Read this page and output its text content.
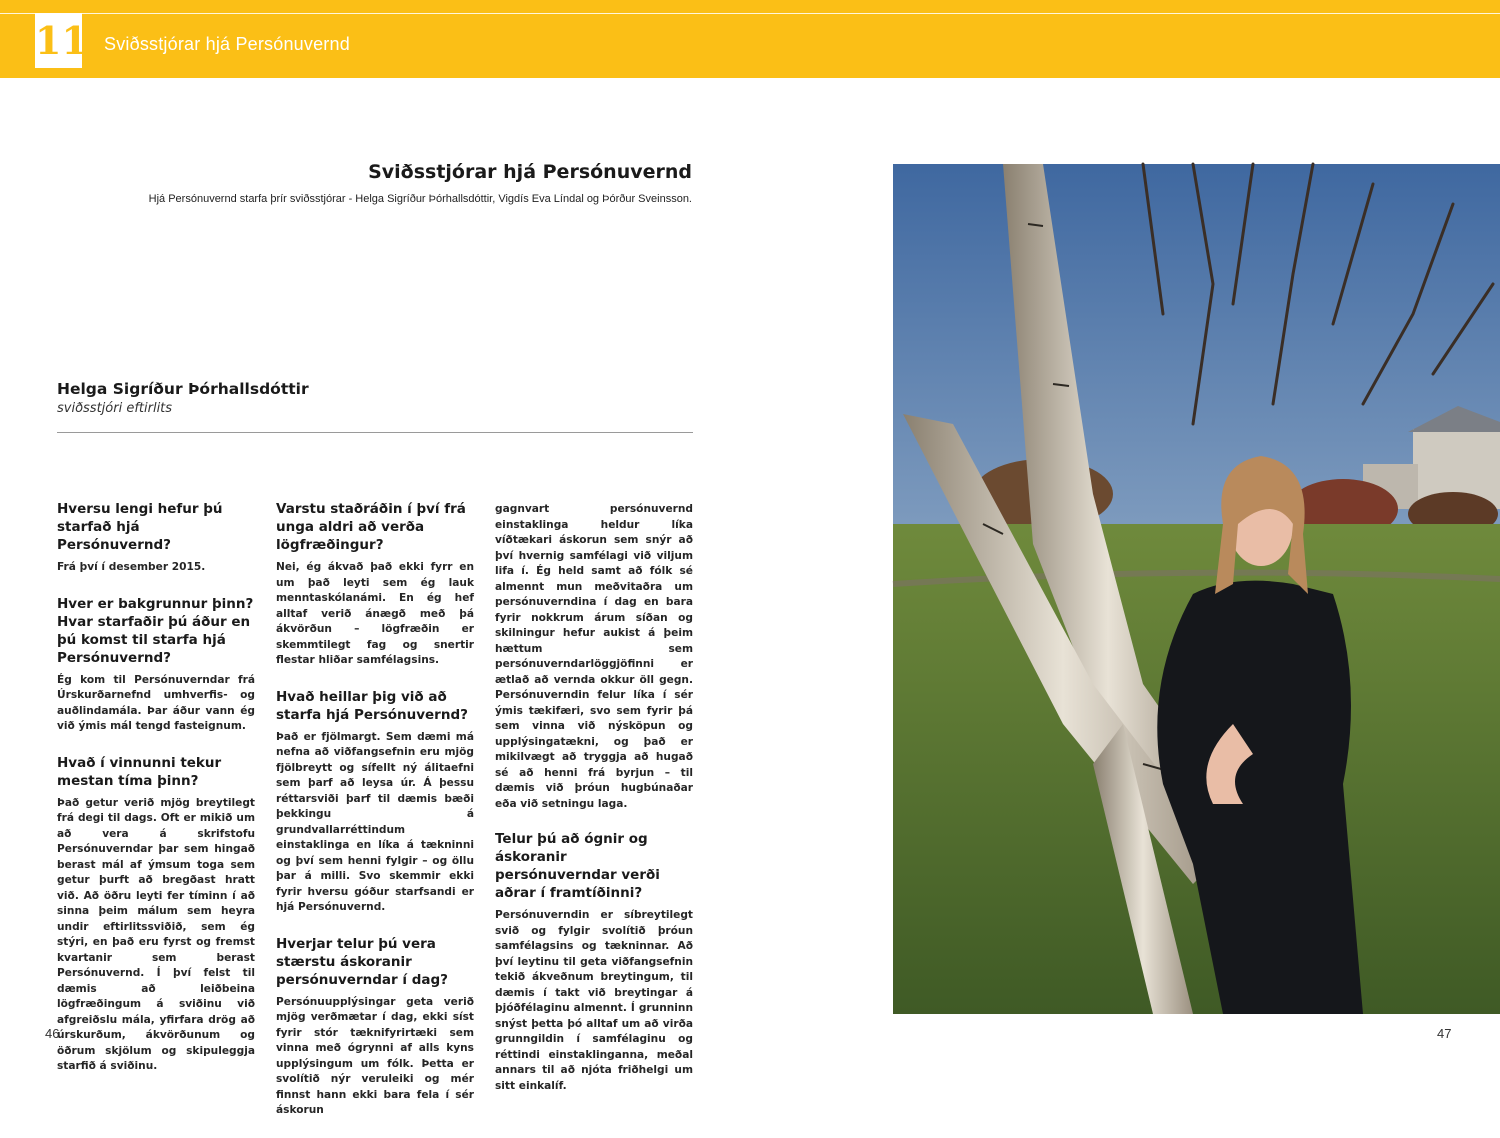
11 Sviðsstjórar hjá Persónuvernd
Sviðsstjórar hjá Persónuvernd
Hjá Persónuvernd starfa þrír sviðsstjórar - Helga Sigríður Þórhallsdóttir, Vigdís Eva Líndal og Þórður Sveinsson.
Helga Sigríður Þórhallsdóttir
sviðsstjóri eftirlits
Hversu lengi hefur þú starfað hjá Persónuvernd?
Frá því í desember 2015.
Hver er bakgrunnur þinn? Hvar starfaðir þú áður en þú komst til starfa hjá Persónuvernd?
Ég kom til Persónuverndar frá Úrskurðarnefnd umhverfis- og auðlindamála. Þar áður vann ég við ýmis mál tengd fasteignum.
Hvað í vinnunni tekur mestan tíma þinn?
Það getur verið mjög breytilegt frá degi til dags. Oft er mikið um að vera á skrifstofu Persónuverndar þar sem hingað berast mál af ýmsum toga sem getur þurft að bregðast hratt við. Að öðru leyti fer tíminn í að sinna þeim málum sem heyra undir eftirlitssviðið, sem ég stýri, en það eru fyrst og fremst kvartanir sem berast Persónuvernd. Í því felst til dæmis að leiðbeina lögfræðingum á sviðinu við afgreiðslu mála, yfirfara drög að úrskurðum, ákvörðunum og öðrum skjölum og skipuleggja starfið á sviðinu.
Varstu staðráðin í því frá unga aldri að verða lögfræðingur?
Nei, ég ákvað það ekki fyrr en um það leyti sem ég lauk menntaskólanámi. En ég hef alltaf verið ánægð með þá ákvörðun – lögfræðin er skemmtilegt fag og snertir flestar hliðar samfélagsins.
Hvað heillar þig við að starfa hjá Persónuvernd?
Það er fjölmargt. Sem dæmi má nefna að viðfangsefnin eru mjög fjölbreytt og sífellt ný álitaefni sem þarf að leysa úr. Á þessu réttarsviði þarf til dæmis bæði þekkingu á grundvallarréttindum einstaklinga en líka á tækninni og því sem henni fylgir – og öllu þar á milli. Svo skemmir ekki fyrir hversu góður starfsandi er hjá Persónuvernd.
Hverjar telur þú vera stærstu áskoranir persónuverndar í dag?
Persónuupplýsingar geta verið mjög verðmætar í dag, ekki síst fyrir stór tæknifyrirtæki sem vinna með ógrynni af alls kyns upplýsingum um fólk. Þetta er svolítið nýr veruleiki og mér finnst hann ekki bara fela í sér áskorun
gagnvart persónuvernd einstaklinga heldur líka víðtækari áskorun sem snýr að því hvernig samfélagi við viljum lifa í. Ég held samt að fólk sé almennt mun meðvitaðra um persónuverndina í dag en bara fyrir nokkrum árum síðan og skilningur hefur aukist á þeim hættum sem persónuverndarlöggjöfinni er ætlað að vernda okkur öll gegn. Persónuverndin felur líka í sér ýmis tækifæri, svo sem fyrir þá sem vinna við nýsköpun og upplýsingatækni, og það er mikilvægt að tryggja að hugað sé að henni frá byrjun – til dæmis við þróun hugbúnaðar eða við setningu laga.
Telur þú að ógnir og áskoranir persónuverndar verði aðrar í framtíðinni?
Persónuverndin er síbreytilegt svið og fylgir svolítið þróun samfélagsins og tækninnar. Að því leytinu til geta viðfangsefnin tekið ákveðnum breytingum, til dæmis í takt við breytingar á þjóðfélaginu almennt. Í grunninn snýst þetta þó alltaf um að virða grunngildin í samfélaginu og réttindi einstaklinganna, meðal annars til að njóta friðhelgi um sitt einkalíf.
46	47
